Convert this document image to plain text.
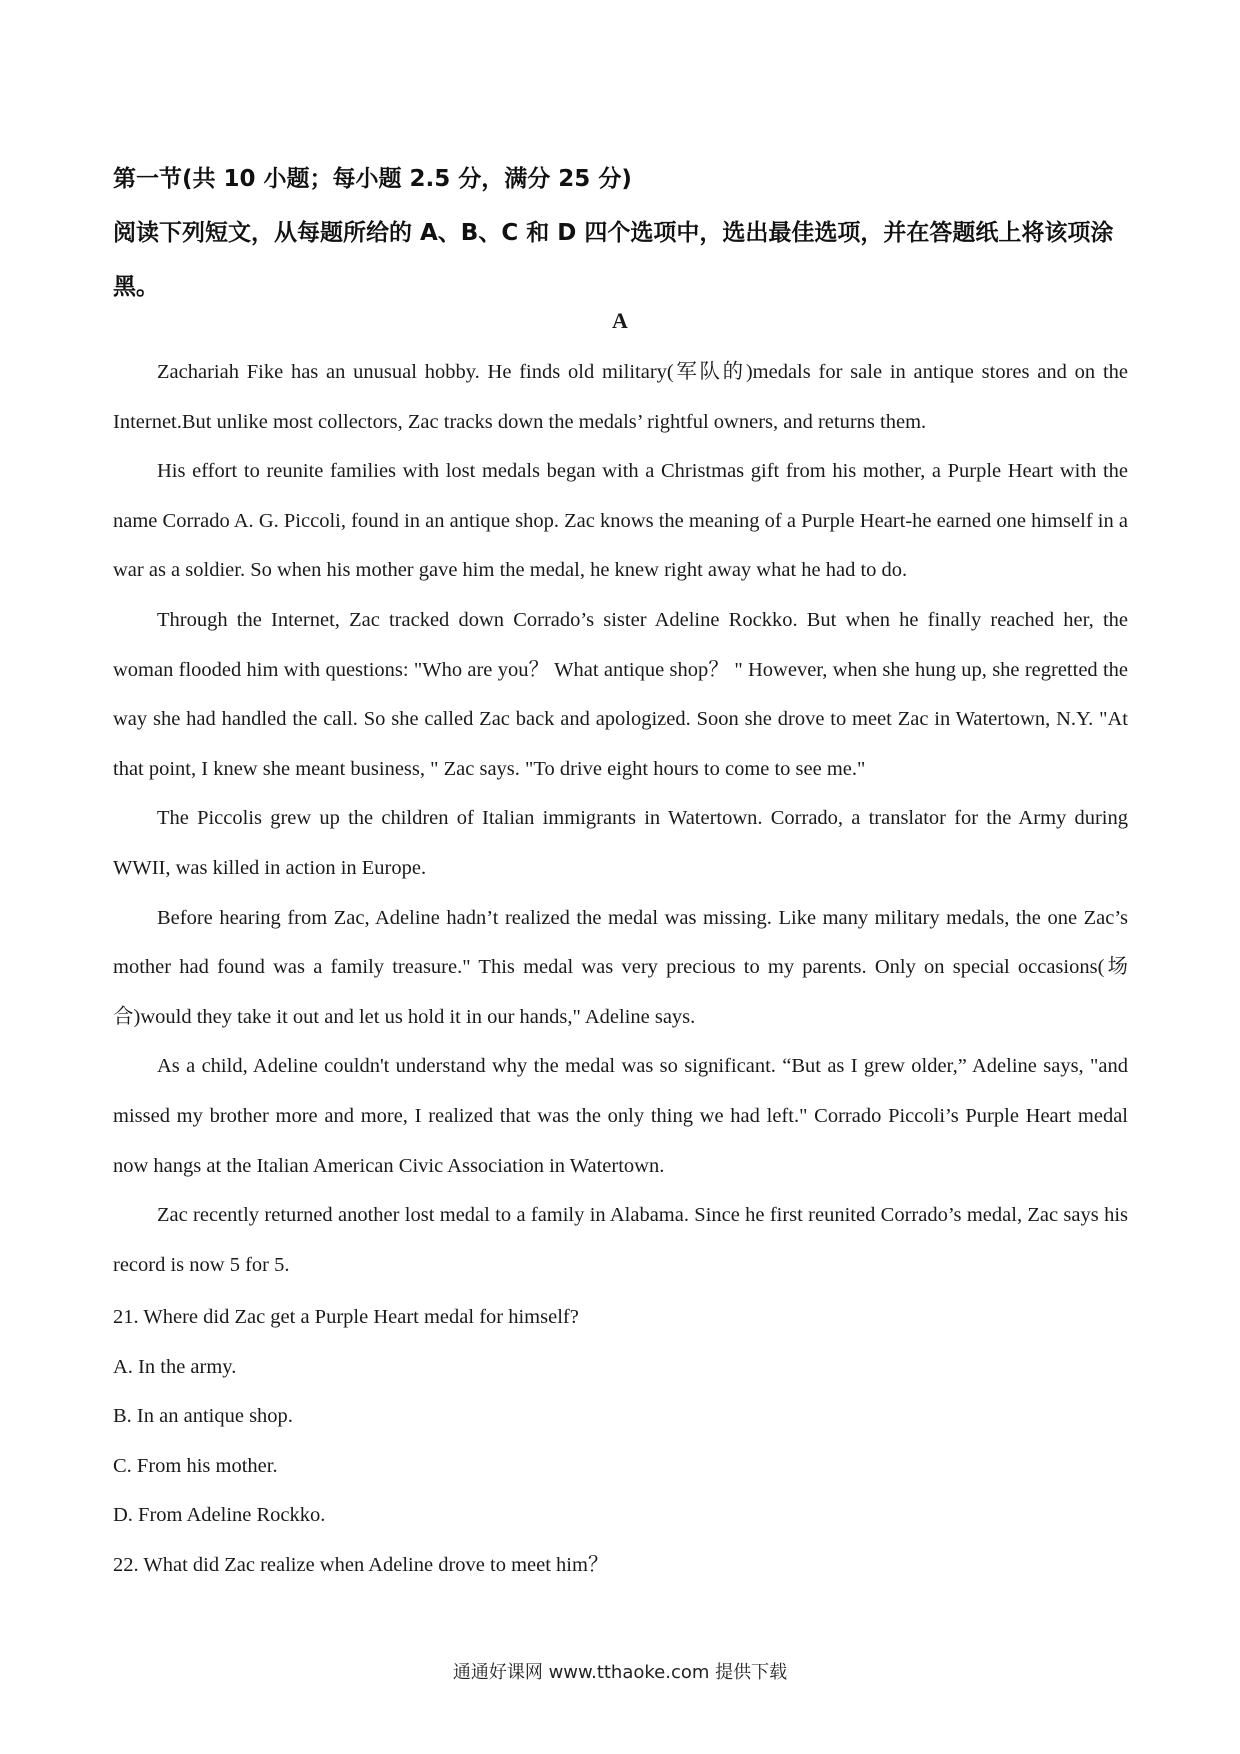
第一节(共 10 小题；每小题 2.5 分，满分 25 分)
阅读下列短文，从每题所给的 A、B、C 和 D 四个选项中，选出最佳选项，并在答题纸上将该项涂黑。
A

Zachariah Fike has an unusual hobby. He finds old military(军队的)medals for sale in antique stores and on the Internet.But unlike most collectors, Zac tracks down the medals’ rightful owners, and returns them.

His effort to reunite families with lost medals began with a Christmas gift from his mother, a Purple Heart with the name Corrado A. G. Piccoli, found in an antique shop. Zac knows the meaning of a Purple Heart-he earned one himself in a war as a soldier. So when his mother gave him the medal, he knew right away what he had to do.

Through the Internet, Zac tracked down Corrado’s sister Adeline Rockko. But when he finally reached her, the woman flooded him with questions: "Who are you？ What antique shop？ " However, when she hung up, she regretted the way she had handled the call. So she called Zac back and apologized. Soon she drove to meet Zac in Watertown, N.Y. "At that point, I knew she meant business, " Zac says. "To drive eight hours to come to see me."

The Piccolis grew up the children of Italian immigrants in Watertown. Corrado, a translator for the Army during WWII, was killed in action in Europe.

Before hearing from Zac, Adeline hadn’t realized the medal was missing. Like many military medals, the one Zac’s mother had found was a family treasure." This medal was very precious to my parents. Only on special occasions(场合)would they take it out and let us hold it in our hands," Adeline says.

As a child, Adeline couldn't understand why the medal was so significant. “But as I grew older,” Adeline says, "and missed my brother more and more, I realized that was the only thing we had left." Corrado Piccoli’s Purple Heart medal now hangs at the Italian American Civic Association in Watertown.

Zac recently returned another lost medal to a family in Alabama. Since he first reunited Corrado’s medal, Zac says his record is now 5 for 5.

21. Where did Zac get a Purple Heart medal for himself?
A. In the army.
B. In an antique shop.
C. From his mother.
D. From Adeline Rockko.
22. What did Zac realize when Adeline drove to meet him？
通通好课网 www.tthaoke.com 提供下载
